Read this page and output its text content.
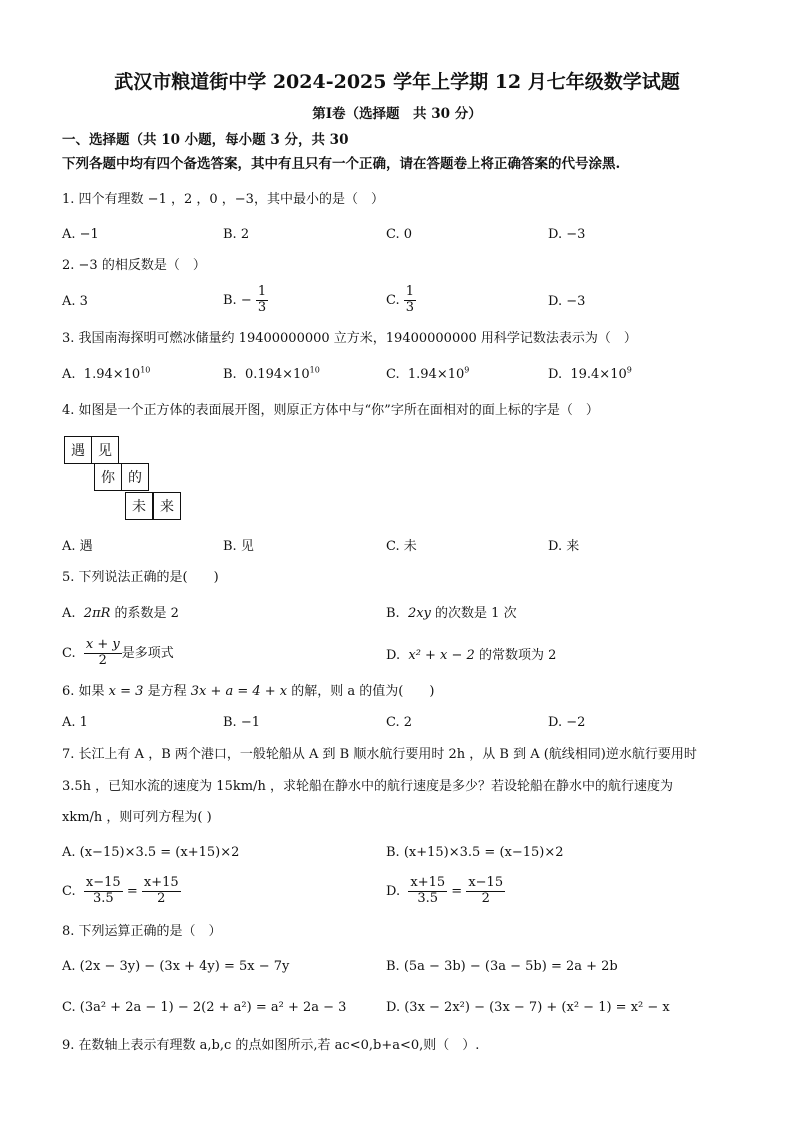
武汉市粮道街中学 2024-2025 学年上学期 12 月七年级数学试题
第Ⅰ卷（选择题　共 30 分）
一、选择题（共 10 小题，每小题 3 分，共 30
下列各题中均有四个备选答案，其中有且只有一个正确，请在答题卷上将正确答案的代号涂黑.
1. 四个有理数 −1 ，2 ，0 ，−3，其中最小的是（　）
A. −1	B. 2	C. 0	D. −3
2. −3 的相反数是（　）
A. 3	B. − $\frac{1}{3}$	C. $\frac{1}{3}$	D. −3
3. 我国南海探明可燃冰储量约 19400000000 立方米，19400000000 用科学记数法表示为（　）
A. $1.94\times 10^{10}$	B. $0.194\times 10^{10}$	C. $1.94\times 10^9$	D. $19.4\times 10^9$
4. 如图是一个正方体的表面展开图，则原正方体中与“你”字所在面相对的面上标的字是（　）
遇 见
你 的
未	来
A. 遇	B. 见	C. 未	D. 来
5. 下列说法正确的是(　　)
A. 2πR 的系数是 2	B. 2xy 的次数是 1 次
C. $\frac{x + y}{2}$ 是多项式	D. x² + x − 2 的常数项为 2
6. 如果 x = 3 是方程 3x + a = 4 + x 的解，则 a 的值为(　　)
A. 1	B. −1	C. 2	D. −2
7. 长江上有 A ，B 两个港口，一般轮船从 A 到 B 顺水航行要用时 2h ，从 B 到 A (航线相同)逆水航行要用时
3.5h ，已知水流的速度为 15km/h ，求轮船在静水中的航行速度是多少？若设轮船在静水中的航行速度为
xkm/h ，则可列方程为( )
A. (x−15)×3.5 = (x+15)×2	B. (x+15)×3.5 = (x−15)×2
C. $\frac{x-15}{3.5} = \frac{x+15}{2}$	D. $\frac{x+15}{3.5} = \frac{x-15}{2}$
8. 下列运算正确的是（　）
A. (2x − 3y) − (3x + 4y) = 5x − 7y	B. (5a − 3b) − (3a − 5b) = 2a + 2b
C. (3a² + 2a − 1) − 2(2 + a²) = a² + 2a − 3	D. (3x − 2x²) − (3x − 7) + (x² − 1) = x² − x
9. 在数轴上表示有理数 a,b,c 的点如图所示,若 ac<0,b+a<0,则（　）.
